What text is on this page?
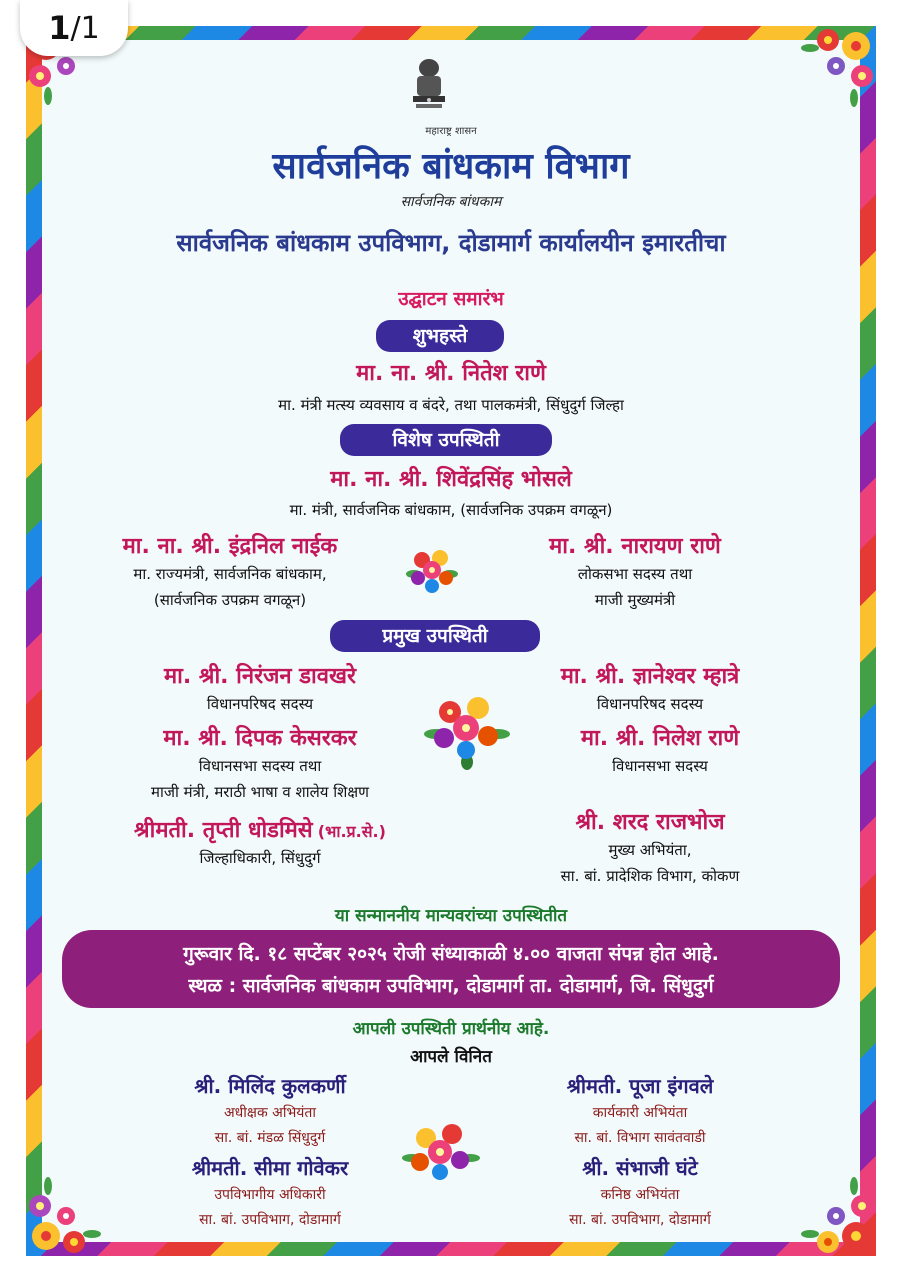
1 /1
महाराष्ट्र शासन
सार्वजनिक बांधकाम विभाग
सार्वजनिक बांधकाम
सार्वजनिक बांधकाम उपविभाग, दोडामार्ग कार्यालयीन इमारतीचा
उद्घाटन समारंभ
शुभहस्ते
मा. ना. श्री. नितेश राणे
मा. मंत्री मत्स्य व्यवसाय व बंदरे, तथा पालकमंत्री, सिंधुदुर्ग जिल्हा
विशेष उपस्थिती
मा. ना. श्री. शिवेंद्रसिंह भोसले
मा. मंत्री, सार्वजनिक बांधकाम, (सार्वजनिक उपक्रम वगळून)
मा. ना. श्री. इंद्रनिल नाईक
मा. राज्यमंत्री, सार्वजनिक बांधकाम,
(सार्वजनिक उपक्रम वगळून)
मा. श्री. नारायण राणे
लोकसभा सदस्य तथा
माजी मुख्यमंत्री
प्रमुख उपस्थिती
मा. श्री. निरंजन डावखरे
विधानपरिषद सदस्य
मा. श्री. ज्ञानेश्वर म्हात्रे
विधानपरिषद सदस्य
मा. श्री. दिपक केसरकर
विधानसभा सदस्य तथा
माजी मंत्री, मराठी भाषा व शालेय शिक्षण
मा. श्री. निलेश राणे
विधानसभा सदस्य
श्रीमती. तृप्ती धोडमिसे (भा.प्र.से.)
जिल्हाधिकारी, सिंधुदुर्ग
श्री. शरद राजभोज
मुख्य अभियंता,
सा. बां. प्रादेशिक विभाग, कोकण
या सन्माननीय मान्यवरांच्या उपस्थितीत
गुरूवार दि. १८ सप्टेंबर २०२५ रोजी संध्याकाळी ४.०० वाजता संपन्न होत आहे.
स्थळ : सार्वजनिक बांधकाम उपविभाग, दोडामार्ग ता. दोडामार्ग, जि. सिंधुदुर्ग
आपली उपस्थिती प्रार्थनीय आहे.
आपले विनित
श्री. मिलिंद कुलकर्णी
अधीक्षक अभियंता
सा. बां. मंडळ सिंधुदुर्ग
श्रीमती. पूजा इंगवले
कार्यकारी अभियंता
सा. बां. विभाग सावंतवाडी
श्रीमती. सीमा गोवेकर
उपविभागीय अधिकारी
सा. बां. उपविभाग, दोडामार्ग
श्री. संभाजी घंटे
कनिष्ठ अभियंता
सा. बां. उपविभाग, दोडामार्ग
